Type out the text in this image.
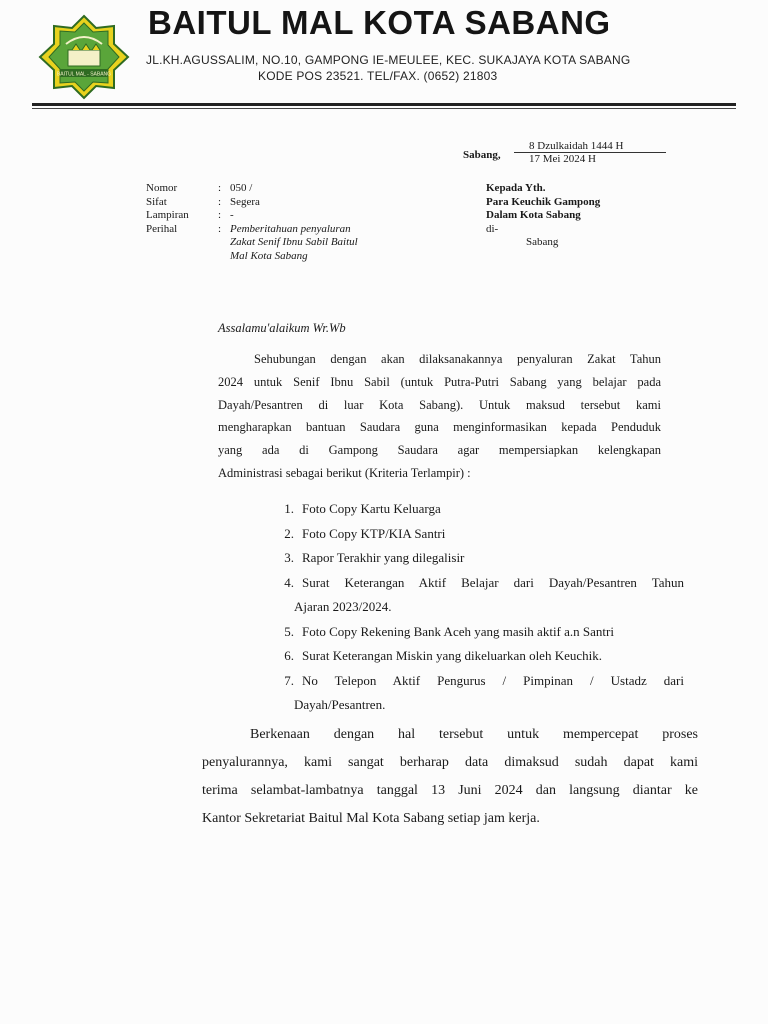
BAITUL MAL - SABANG
BAITUL MAL KOTA SABANG
JL.KH.AGUSSALIM, NO.10, GAMPONG IE-MEULEE, KEC. SUKAJAYA KOTA SABANG
KODE POS 23521. TEL/FAX. (0652) 21803
Sabang,
8 Dzulkaidah 1444 H
17 Mei 2024 H
Nomor	: 050 /
Sifat	: Segera
Lampiran	: -
Perihal	: Pemberitahuan penyaluran
Zakat Senif Ibnu Sabil Baitul
Mal Kota Sabang
Kepada Yth.
Para Keuchik Gampong
Dalam Kota Sabang
di-
Sabang
Assalamu'alaikum Wr.Wb
Sehubungan dengan akan dilaksanakannya penyaluran Zakat Tahun
2024 untuk Senif Ibnu Sabil (untuk Putra-Putri Sabang yang belajar pada
Dayah/Pesantren di luar Kota Sabang). Untuk maksud tersebut kami
mengharapkan bantuan Saudara guna menginformasikan kepada Penduduk
yang ada di Gampong Saudara agar mempersiapkan kelengkapan
Administrasi sebagai berikut (Kriteria Terlampir) :
1. Foto Copy Kartu Keluarga
2. Foto Copy KTP/KIA Santri
3. Rapor Terakhir yang dilegalisir
4. Surat Keterangan Aktif Belajar dari Dayah/Pesantren Tahun
Ajaran 2023/2024.
5. Foto Copy Rekening Bank Aceh yang masih aktif a.n Santri
6. Surat Keterangan Miskin yang dikeluarkan oleh Keuchik.
7. No Telepon Aktif Pengurus / Pimpinan / Ustadz dari
Dayah/Pesantren.
Berkenaan dengan hal tersebut untuk mempercepat proses
penyalurannya, kami sangat berharap data dimaksud sudah dapat kami
terima selambat-lambatnya tanggal 13 Juni 2024 dan langsung diantar ke
Kantor Sekretariat Baitul Mal Kota Sabang setiap jam kerja.
